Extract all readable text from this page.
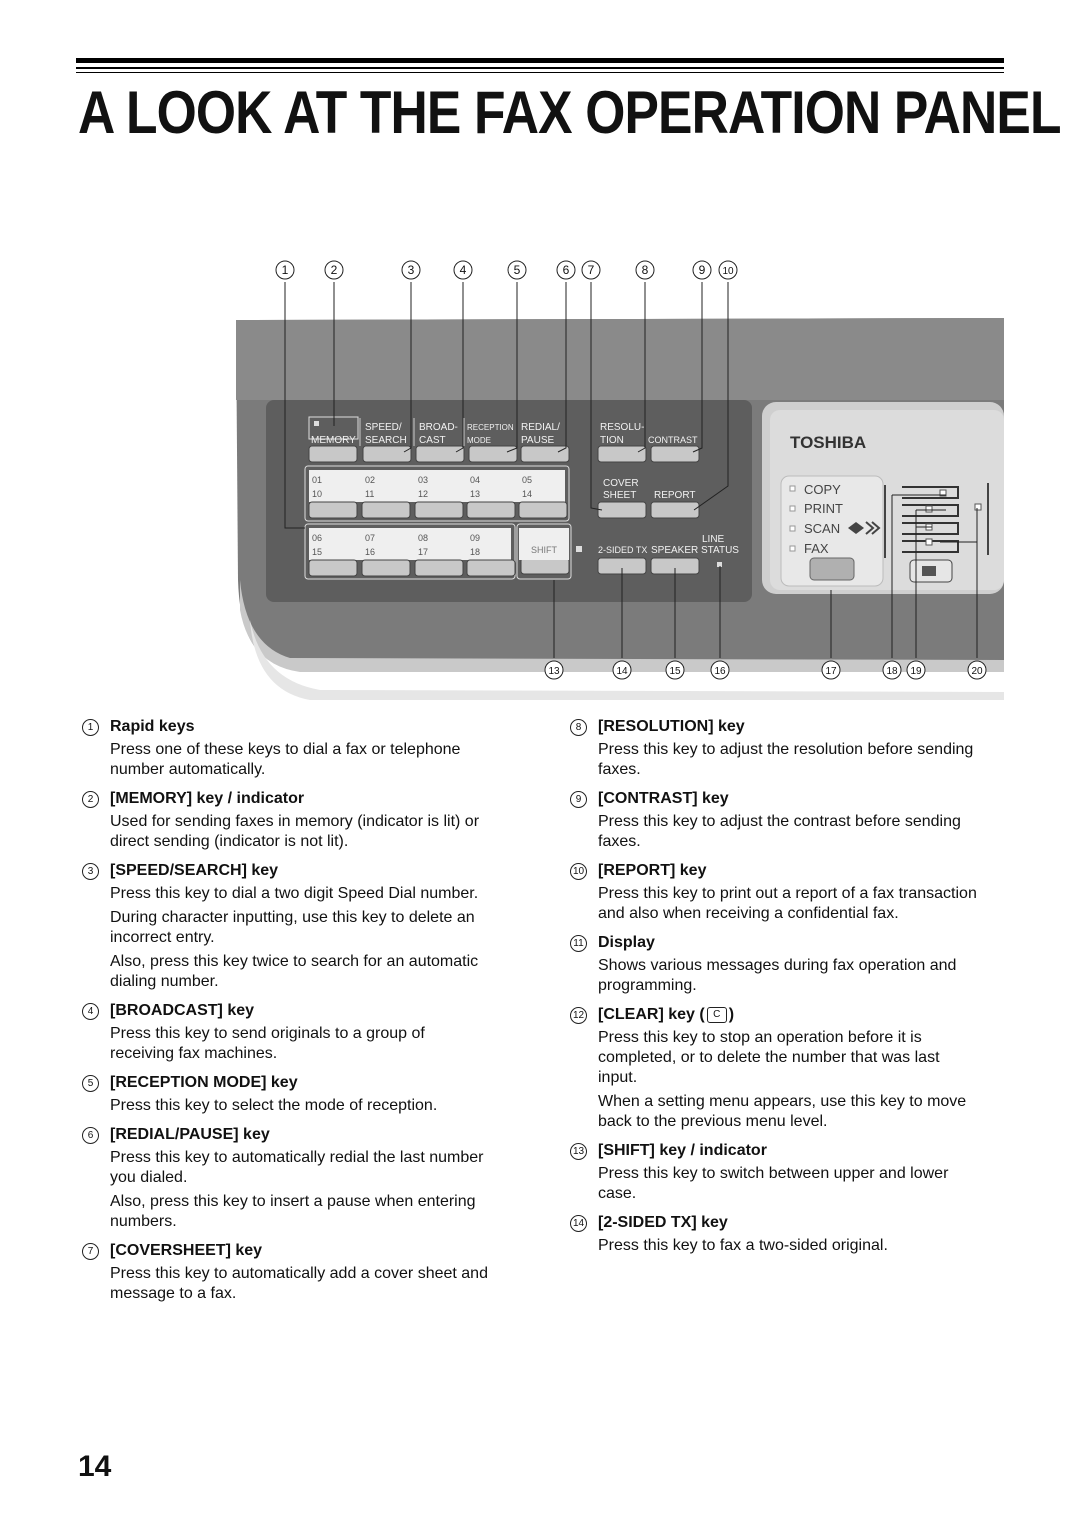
A LOOK AT THE FAX OPERATION PANEL
MEMORY
SPEED/
SEARCH
BROAD-
CAST
RECEPTION
MODE
REDIAL/
PAUSE
RESOLU-
TION	CONTRAST
COVER
SHEET REPORT
LINE
STATUS
2-SIDED TX SPEAKER
SHIFT
01	02	03	04	05
10	11	12	13	14
06	07	08	09
15	16	17	18
TOSHIBA
COPY
PRINT
SCAN
FAX
1	2	3	4	5	6 7	8	9 10
13	14	15	16	17	18 19	20
1	Rapid keys
Press one of these keys to dial a fax or telephone number automatically.
2	[MEMORY] key / indicator
Used for sending faxes in memory (indicator is lit) or direct sending (indicator is not lit).
3	[SPEED/SEARCH] key
Press this key to dial a two digit Speed Dial number.
During character inputting, use this key to delete an incorrect entry.
Also, press this key twice to search for an automatic dialing number.
4	[BROADCAST] key
Press this key to send originals to a group of receiving fax machines.
5	[RECEPTION MODE] key
Press this key to select the mode of reception.
6	[REDIAL/PAUSE] key
Press this key to automatically redial the last number you dialed.
Also, press this key to insert a pause when entering numbers.
7	[COVERSHEET] key
Press this key to automatically add a cover sheet and message to a fax.
8	[RESOLUTION] key
Press this key to adjust the resolution before sending faxes.
9	[CONTRAST] key
Press this key to adjust the contrast before sending faxes.
10 [REPORT] key
Press this key to print out a report of a fax transaction and also when receiving a confidential fax.
11 Display
Shows various messages during fax operation and programming.
12 [CLEAR] key ( C )
Press this key to stop an operation before it is completed, or to delete the number that was last input.
When a setting menu appears, use this key to move back to the previous menu level.
13 [SHIFT] key / indicator
Press this key to switch between upper and lower case.
14 [2-SIDED TX] key
Press this key to fax a two-sided original.
14
